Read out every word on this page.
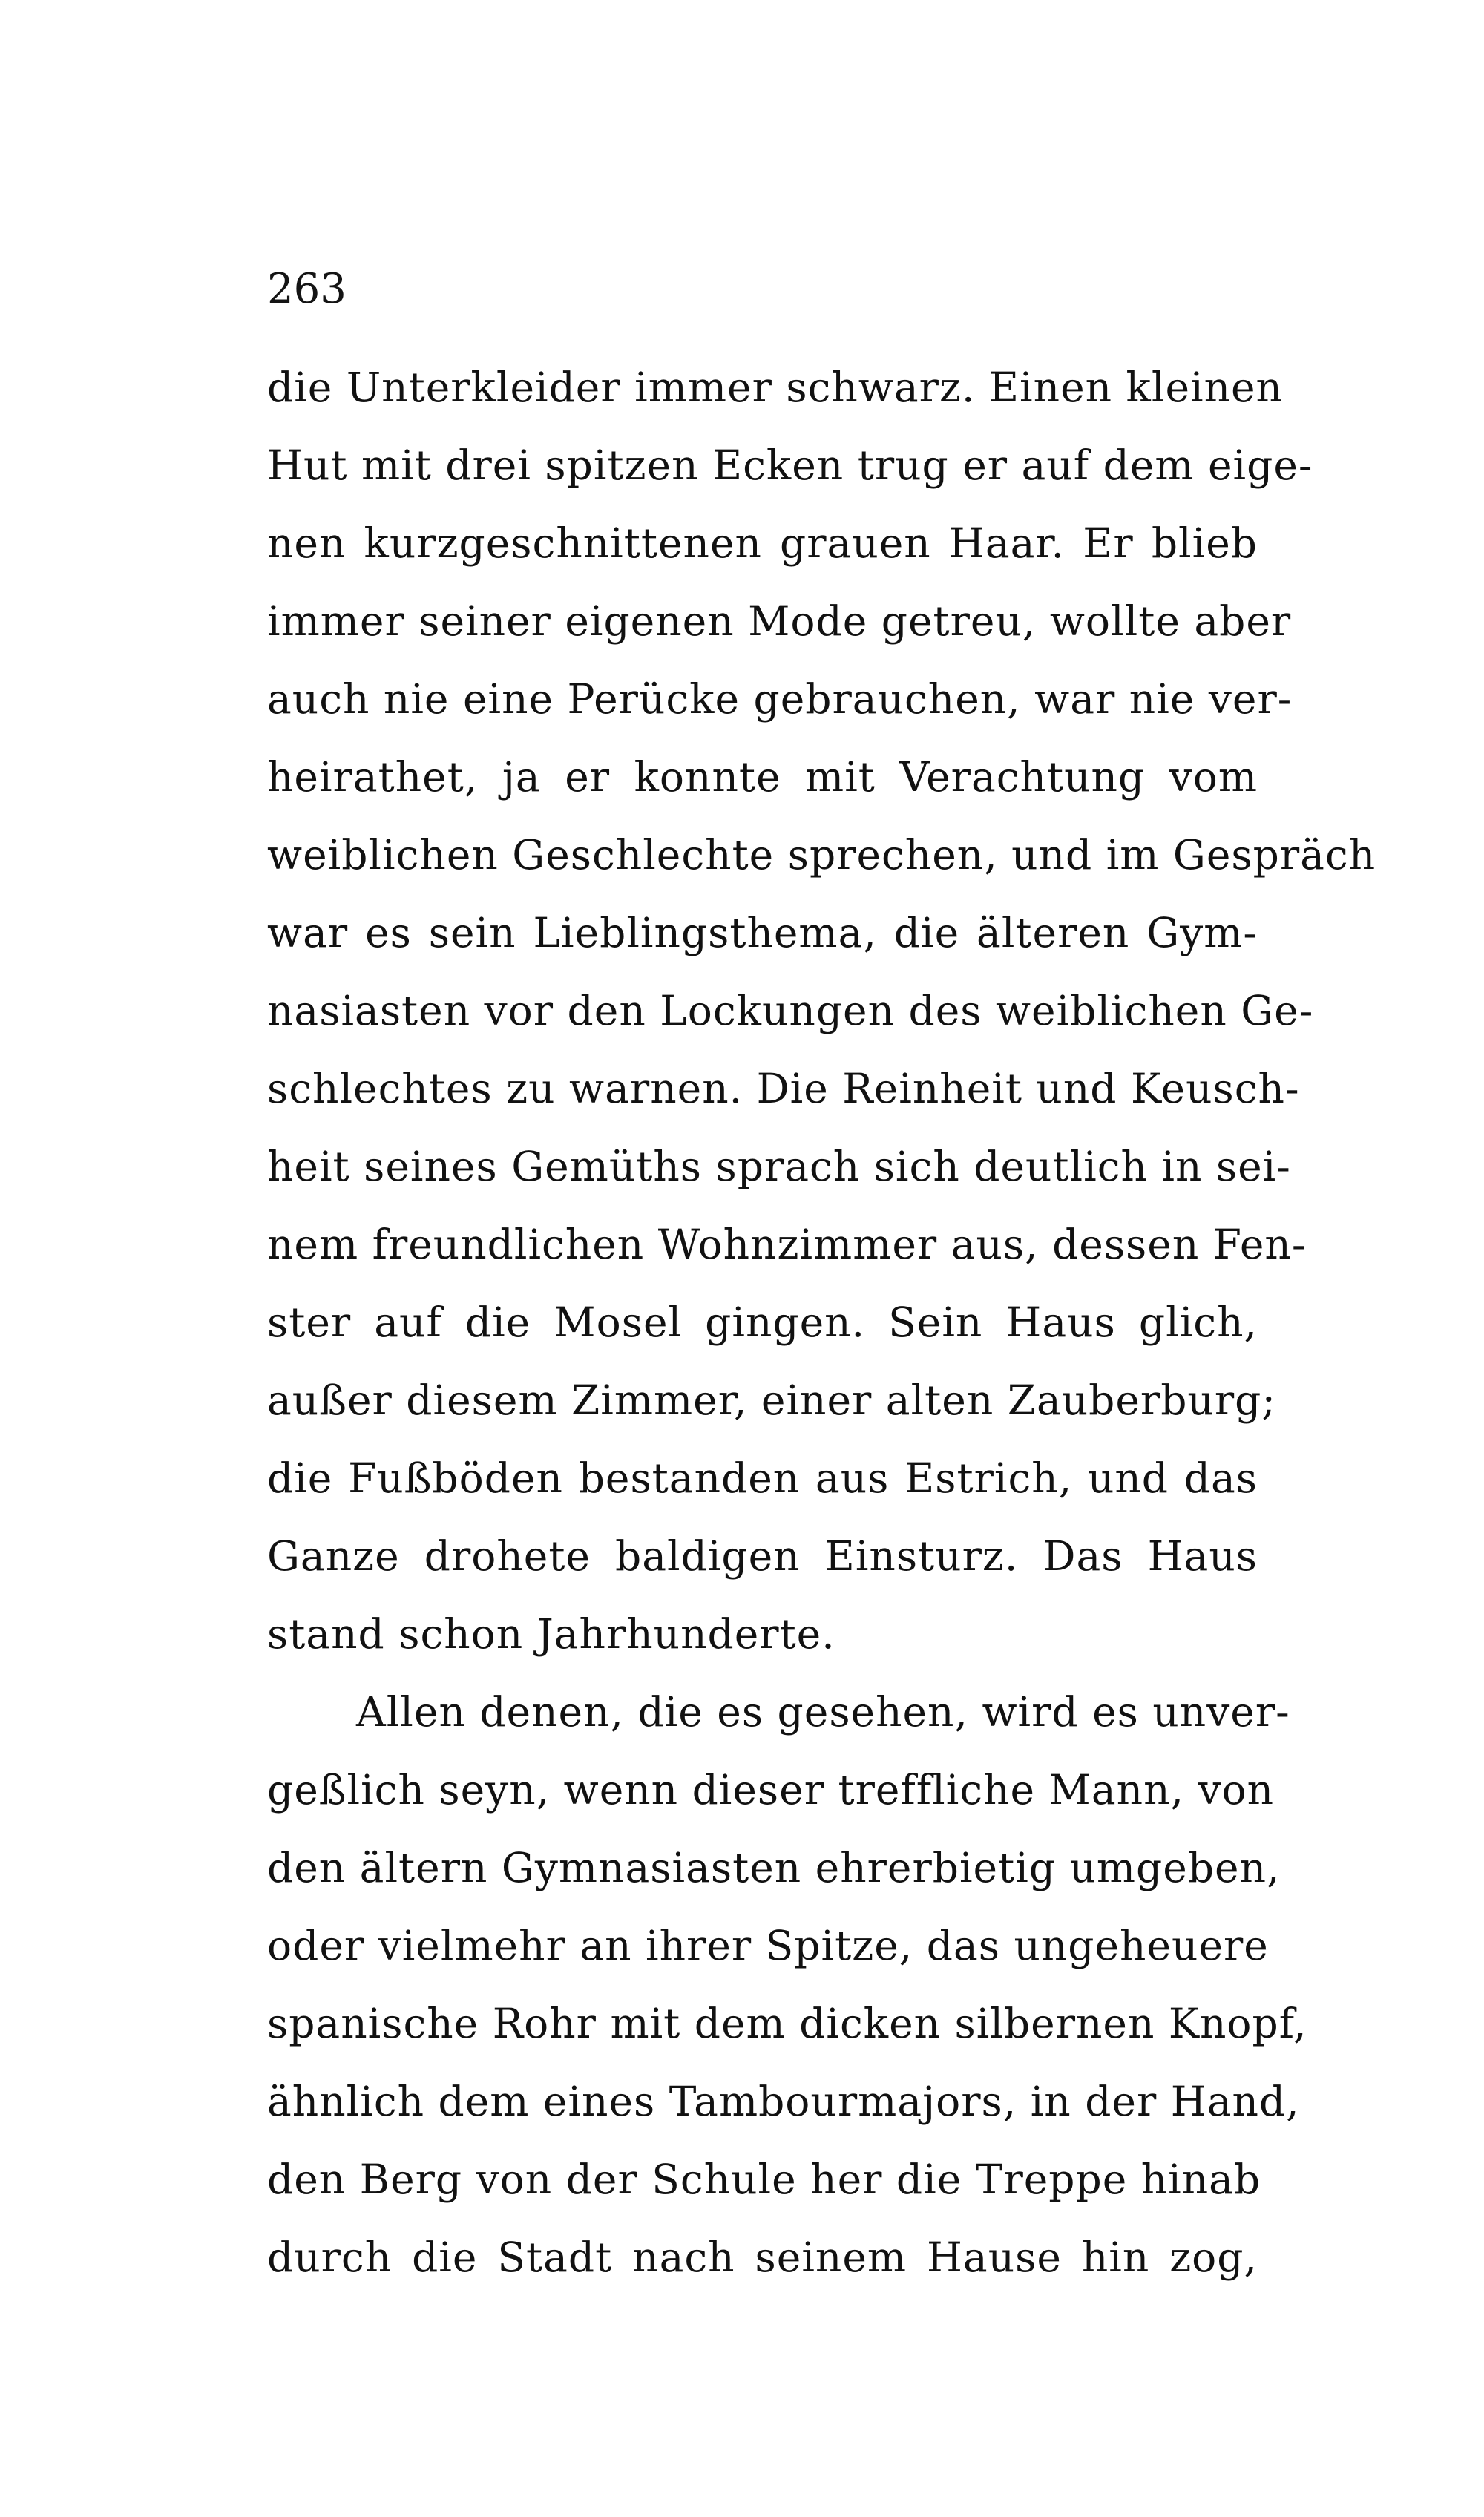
263
die Unterkleider immer schwarz. Einen kleinen
Hut mit drei spitzen Ecken trug er auf dem eige-
nen kurzgeschnittenen grauen Haar. Er blieb
immer seiner eigenen Mode getreu, wollte aber
auch nie eine Perücke gebrauchen, war nie ver-
heirathet, ja er konnte mit Verachtung vom
weiblichen Geschlechte sprechen, und im Gespräch
war es sein Lieblingsthema, die älteren Gym-
nasiasten vor den Lockungen des weiblichen Ge-
schlechtes zu warnen. Die Reinheit und Keusch-
heit seines Gemüths sprach sich deutlich in sei-
nem freundlichen Wohnzimmer aus, dessen Fen-
ster auf die Mosel gingen. Sein Haus glich,
außer diesem Zimmer, einer alten Zauberburg;
die Fußböden bestanden aus Estrich, und das
Ganze drohete baldigen Einsturz. Das Haus
stand schon Jahrhunderte.
Allen denen, die es gesehen, wird es unver-
geßlich seyn, wenn dieser treffliche Mann, von
den ältern Gymnasiasten ehrerbietig umgeben,
oder vielmehr an ihrer Spitze, das ungeheuere
spanische Rohr mit dem dicken silbernen Knopf,
ähnlich dem eines Tambourmajors, in der Hand,
den Berg von der Schule her die Treppe hinab
durch die Stadt nach seinem Hause hin zog,
